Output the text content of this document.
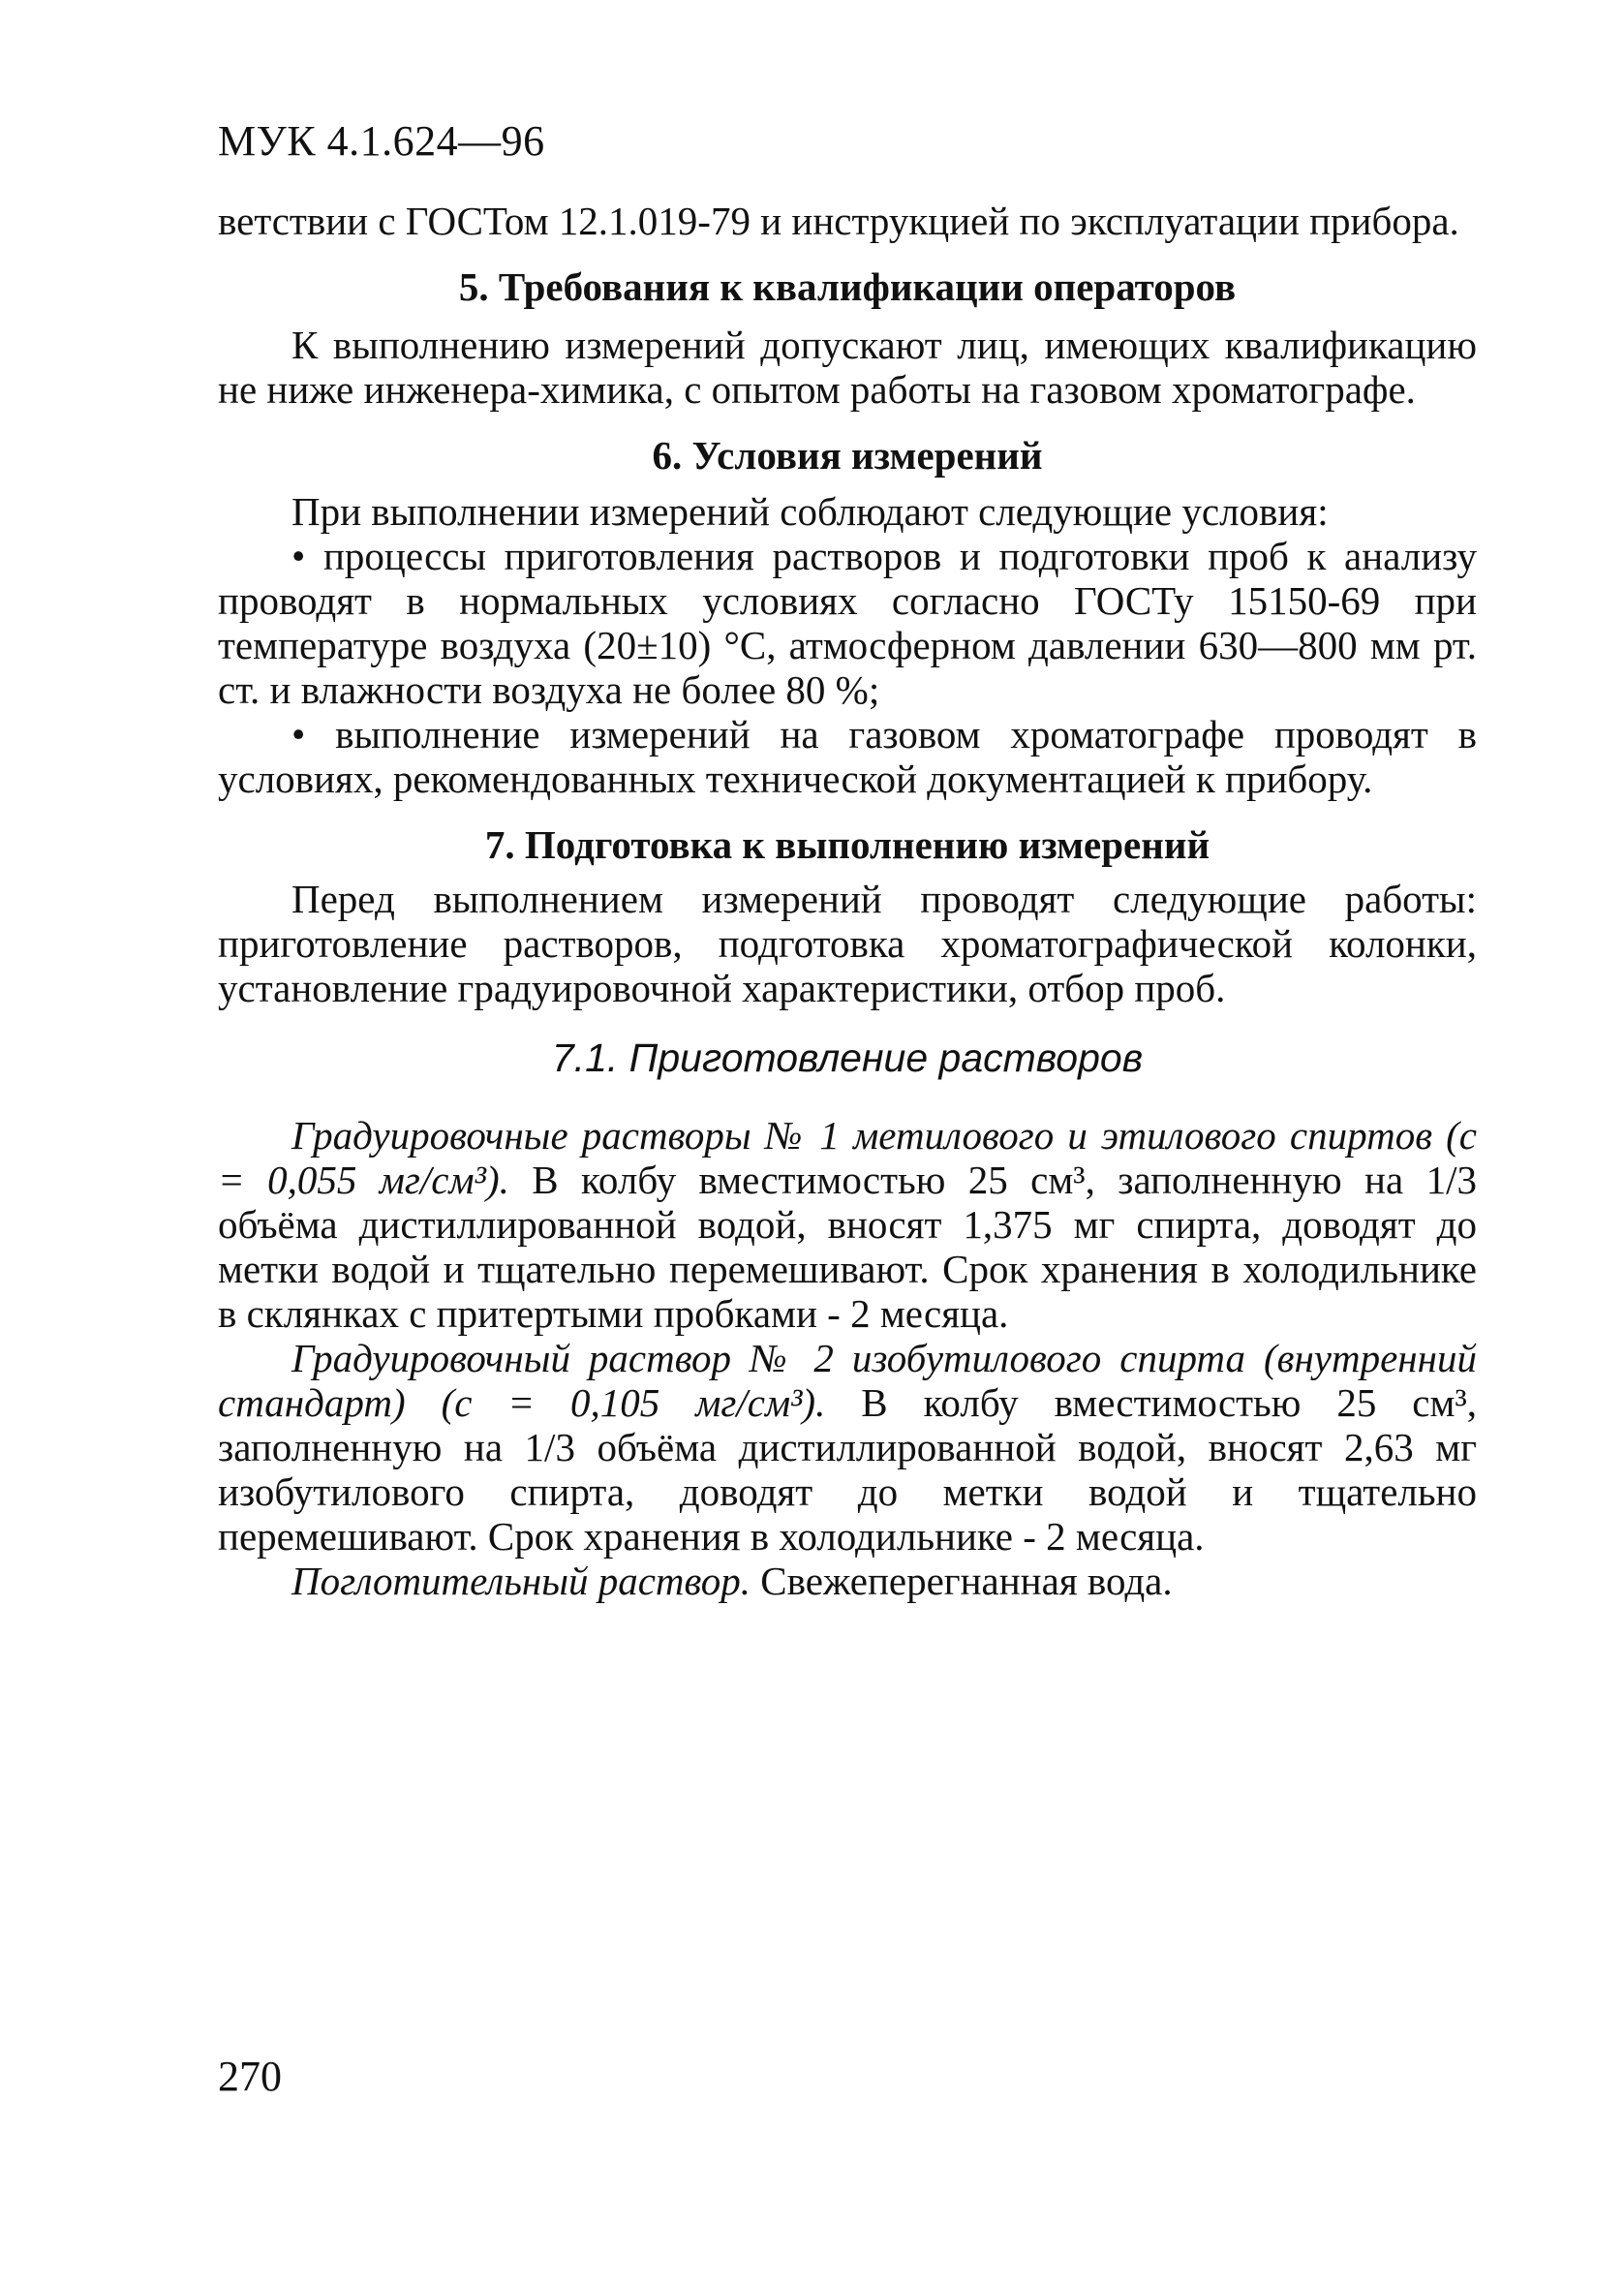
МУК 4.1.624—96

ветствии с ГОСТом 12.1.019-79 и инструкцией по эксплуатации прибора.

5. Требования к квалификации операторов

К выполнению измерений допускают лиц, имеющих квалификацию не ниже инженера-химика, с опытом работы на газовом хроматографе.

6. Условия измерений

При выполнении измерений соблюдают следующие условия:

• процессы приготовления растворов и подготовки проб к анализу проводят в нормальных условиях согласно ГОСТу 15150-69 при температуре воздуха (20±10) °С, атмосферном давлении 630—800 мм рт. ст. и влажности воздуха не более 80 %;

• выполнение измерений на газовом хроматографе проводят в условиях, рекомендованных технической документацией к прибору.

7. Подготовка к выполнению измерений

Перед выполнением измерений проводят следующие работы: приготовление растворов, подготовка хроматографической колонки, установление градуировочной характеристики, отбор проб.

7.1. Приготовление растворов

Градуировочные растворы № 1 метилового и этилового спиртов (с = 0,055 мг/см³). В колбу вместимостью 25 см³, заполненную на 1/3 объёма дистиллированной водой, вносят 1,375 мг спирта, доводят до метки водой и тщательно перемешивают. Срок хранения в холодильнике в склянках с притертыми пробками - 2 месяца.

Градуировочный раствор № 2 изобутилового спирта (внутренний стандарт) (с = 0,105 мг/см³). В колбу вместимостью 25 см³, заполненную на 1/3 объёма дистиллированной водой, вносят 2,63 мг изобутилового спирта, доводят до метки водой и тщательно перемешивают. Срок хранения в холодильнике - 2 месяца.

Поглотительный раствор. Свежеперегнанная вода.

270
